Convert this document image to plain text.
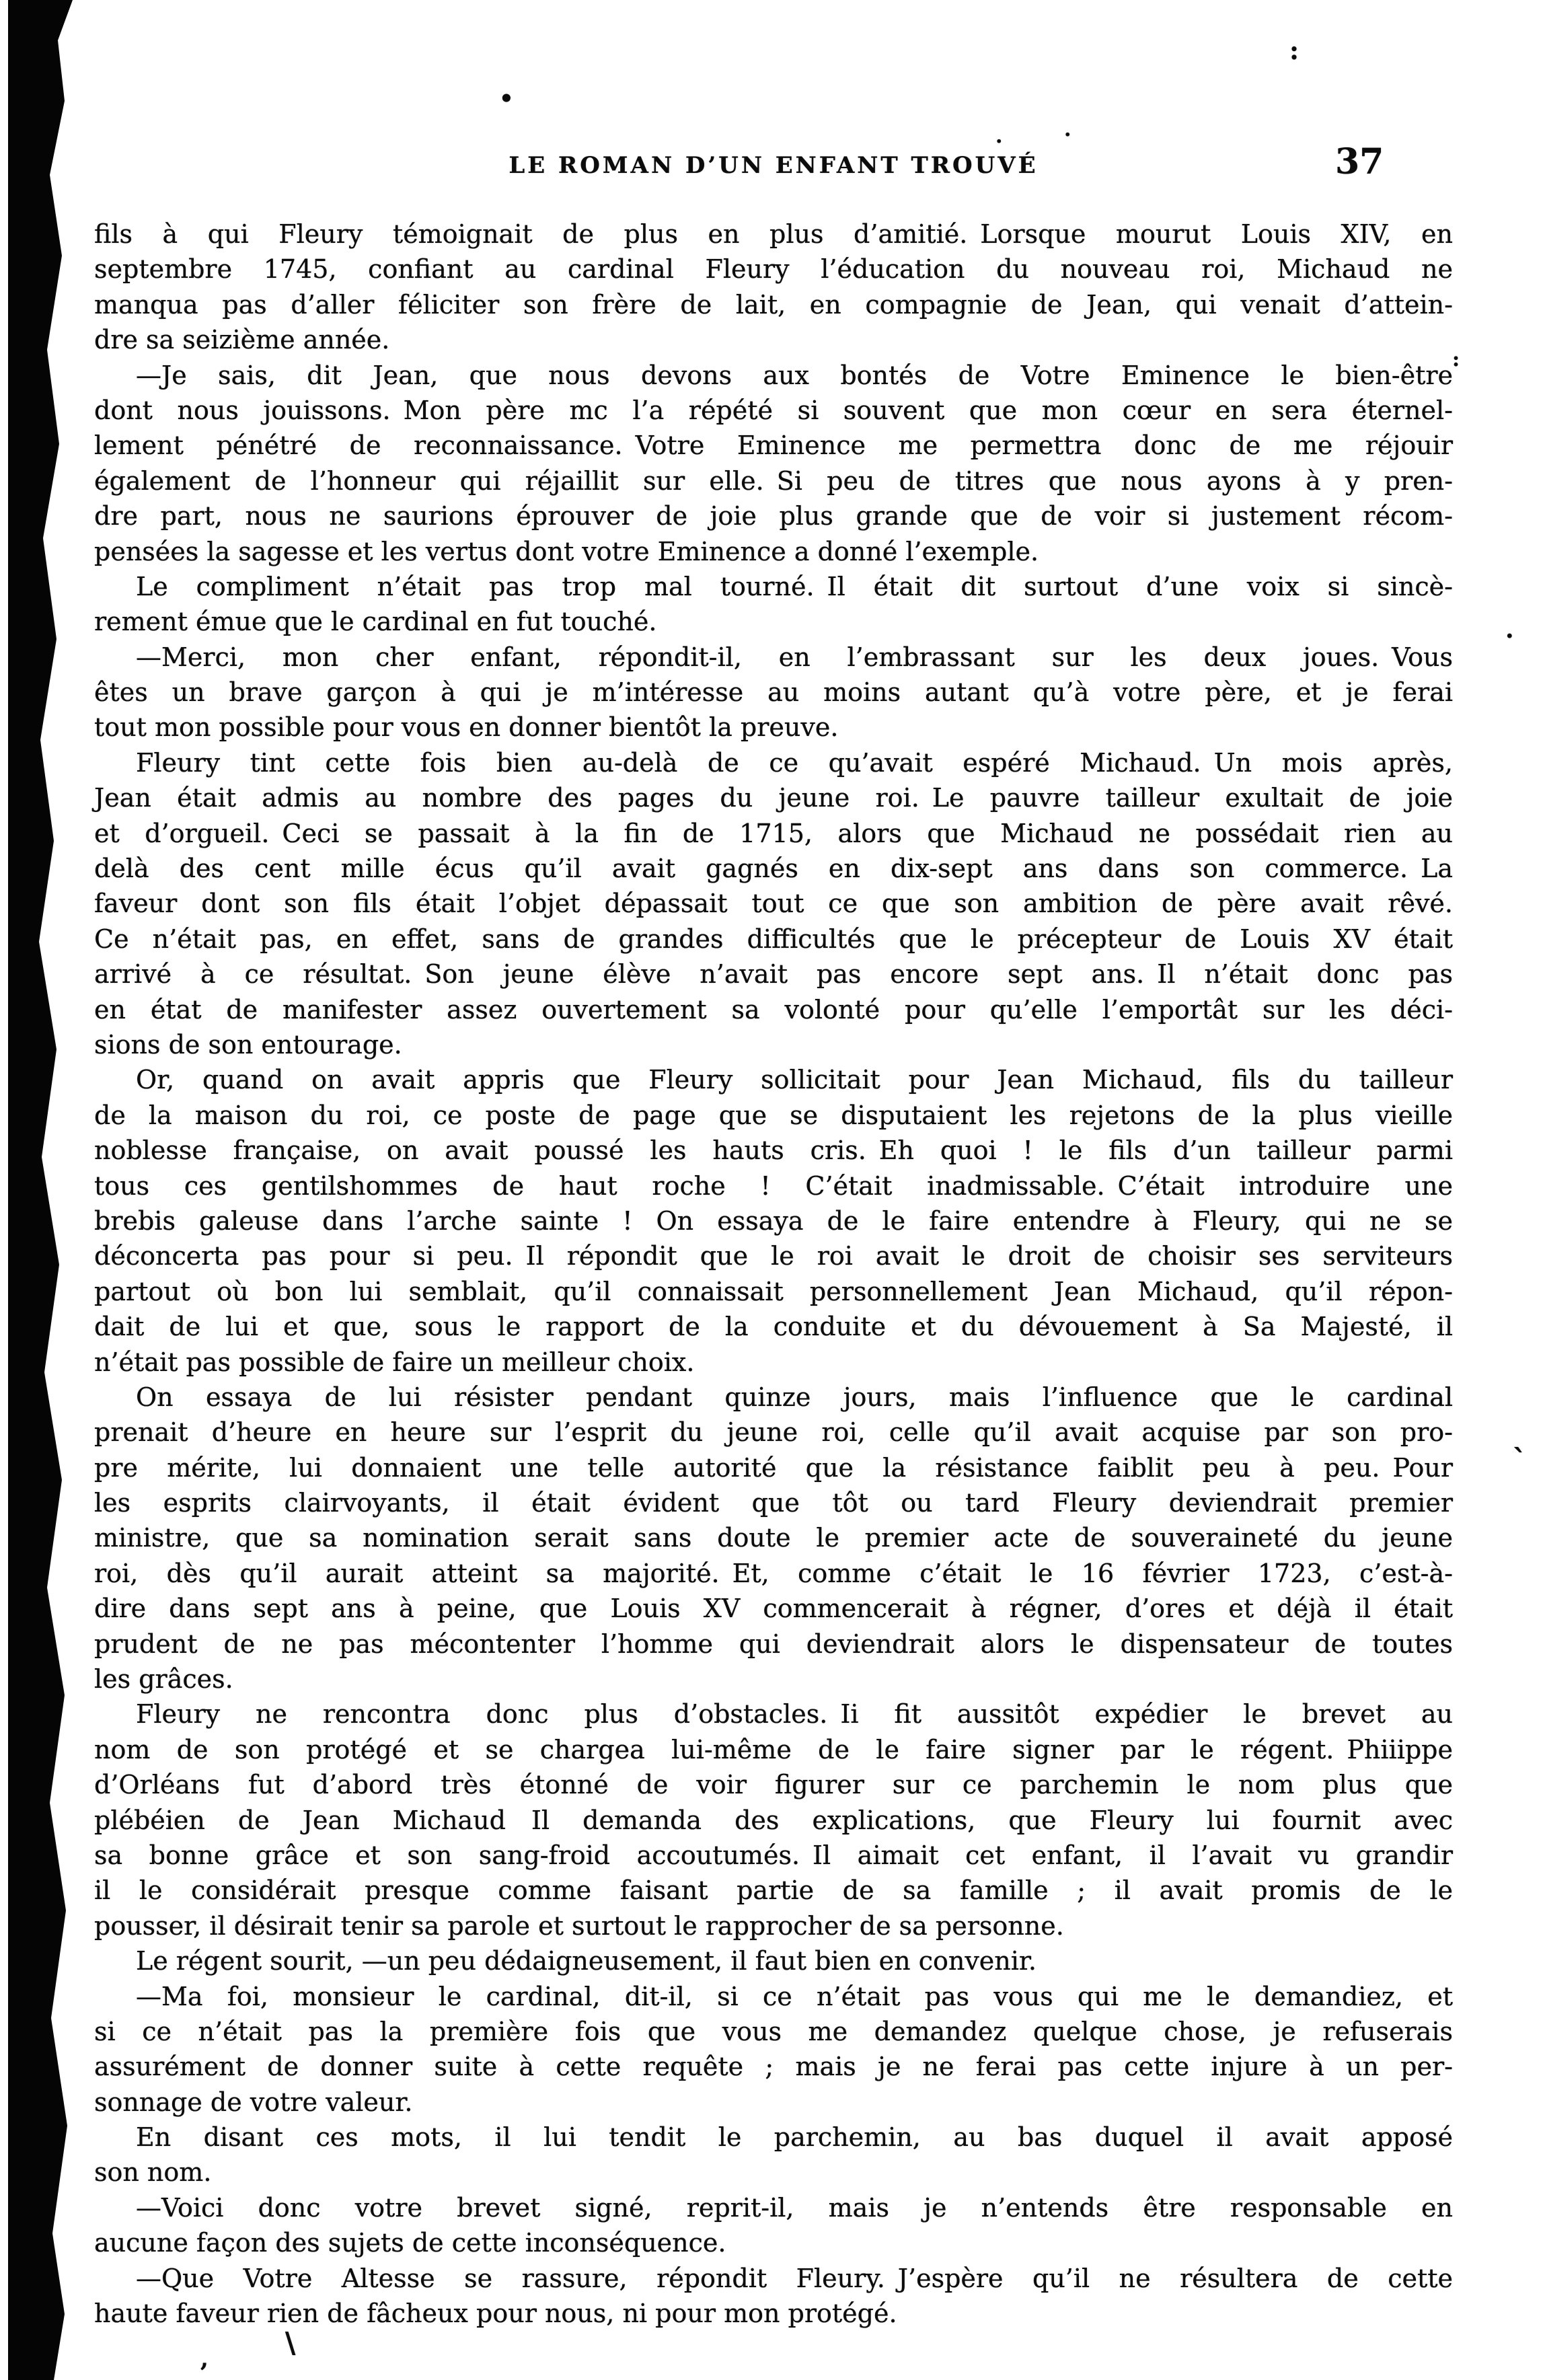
LE ROMAN D’UN ENFANT TROUVÉ	37
fils à qui Fleury témoignait de plus en plus d’amitié. Lorsque mourut Louis XIV, en
septembre 1745, confiant au cardinal Fleury l’éducation du nouveau roi, Michaud ne
manqua pas d’aller féliciter son frère de lait, en compagnie de Jean, qui venait d’attein-
dre sa seizième année.
—Je sais, dit Jean, que nous devons aux bontés de Votre Eminence le bien-être
dont nous jouissons. Mon père mc l’a répété si souvent que mon cœur en sera éternel-
lement pénétré de reconnaissance. Votre Eminence me permettra donc de me réjouir
également de l’honneur qui réjaillit sur elle. Si peu de titres que nous ayons à y pren-
dre part, nous ne saurions éprouver de joie plus grande que de voir si justement récom-
pensées la sagesse et les vertus dont votre Eminence a donné l’exemple.
Le compliment n’était pas trop mal tourné. Il était dit surtout d’une voix si sincè-
rement émue que le cardinal en fut touché.
—Merci, mon cher enfant, répondit-il, en l’embrassant sur les deux joues. Vous
êtes un brave garçon à qui je m’intéresse au moins autant qu’à votre père, et je ferai
tout mon possible pour vous en donner bientôt la preuve.
Fleury tint cette fois bien au-delà de ce qu’avait espéré Michaud. Un mois après,
Jean était admis au nombre des pages du jeune roi. Le pauvre tailleur exultait de joie
et d’orgueil. Ceci se passait à la fin de 1715, alors que Michaud ne possédait rien au
delà des cent mille écus qu’il avait gagnés en dix-sept ans dans son commerce. La
faveur dont son fils était l’objet dépassait tout ce que son ambition de père avait rêvé.
Ce n’était pas, en effet, sans de grandes difficultés que le précepteur de Louis XV était
arrivé à ce résultat. Son jeune élève n’avait pas encore sept ans. Il n’était donc pas
en état de manifester assez ouvertement sa volonté pour qu’elle l’emportât sur les déci-
sions de son entourage.
Or, quand on avait appris que Fleury sollicitait pour Jean Michaud, fils du tailleur
de la maison du roi, ce poste de page que se disputaient les rejetons de la plus vieille
noblesse française, on avait poussé les hauts cris. Eh quoi ! le fils d’un tailleur parmi
tous ces gentilshommes de haut roche ! C’était inadmissable. C’était introduire une
brebis galeuse dans l’arche sainte ! On essaya de le faire entendre à Fleury, qui ne se
déconcerta pas pour si peu. Il répondit que le roi avait le droit de choisir ses serviteurs
partout où bon lui semblait, qu’il connaissait personnellement Jean Michaud, qu’il répon-
dait de lui et que, sous le rapport de la conduite et du dévouement à Sa Majesté, il
n’était pas possible de faire un meilleur choix.
On essaya de lui résister pendant quinze jours, mais l’influence que le cardinal
prenait d’heure en heure sur l’esprit du jeune roi, celle qu’il avait acquise par son pro-
pre mérite, lui donnaient une telle autorité que la résistance faiblit peu à peu. Pour
les esprits clairvoyants, il était évident que tôt ou tard Fleury deviendrait premier
ministre, que sa nomination serait sans doute le premier acte de souveraineté du jeune
roi, dès qu’il aurait atteint sa majorité. Et, comme c’était le 16 février 1723, c’est-à-
dire dans sept ans à peine, que Louis XV commencerait à régner, d’ores et déjà il était
prudent de ne pas mécontenter l’homme qui deviendrait alors le dispensateur de toutes
les grâces.
Fleury ne rencontra donc plus d’obstacles. Ii fit aussitôt expédier le brevet au
nom de son protégé et se chargea lui-même de le faire signer par le régent. Phiiippe
d’Orléans fut d’abord très étonné de voir figurer sur ce parchemin le nom plus que
plébéien de Jean Michaud  Il demanda des explications, que Fleury lui fournit avec
sa bonne grâce et son sang-froid accoutumés. Il aimait cet enfant, il l’avait vu grandir
il le considérait presque comme faisant partie de sa famille ; il avait promis de le
pousser, il désirait tenir sa parole et surtout le rapprocher de sa personne.
Le régent sourit, —un peu dédaigneusement, il faut bien en convenir.
—Ma foi, monsieur le cardinal, dit-il, si ce n’était pas vous qui me le demandiez, et
si ce n’était pas la première fois que vous me demandez quelque chose, je refuserais
assurément de donner suite à cette requête ; mais je ne ferai pas cette injure à un per-
sonnage de votre valeur.
En disant ces mots, il lui tendit le parchemin, au bas duquel il avait apposé
son nom.
—Voici donc votre brevet signé, reprit-il, mais je n’entends être responsable en
aucune façon des sujets de cette inconséquence.
—Que Votre Altesse se rassure, répondit Fleury. J’espère qu’il ne résultera de cette
haute faveur rien de fâcheux pour nous, ni pour mon protégé.
:
•
·	·
:
.
`
\
,
